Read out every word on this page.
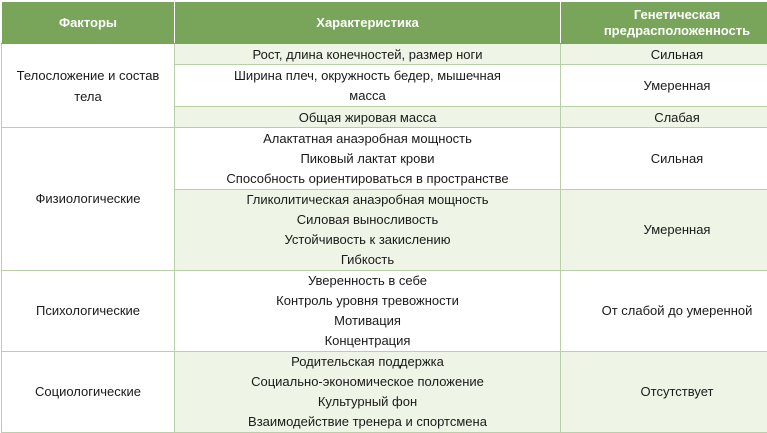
Факторы	Характеристика	Генетическая
предрасположенность

Телосложение и состав тела	Рост, длина конечностей, размер ноги	Сильная

	Ширина плеч, окружность бедер, мышечная
масса	Умеренная

	Общая жировая масса	Слабая
Физиологические	Алактатная анаэробная мощность
Пиковый лактат крови
Способность ориентироваться в пространстве	Сильная

	Гликолитическая анаэробная мощность
Силовая выносливость
Устойчивость к закислению
Гибкость	Умеренная
Психологические	Уверенность в себе
Контроль уровня тревожности
Мотивация
Концентрация	От слабой до умеренной
Социологические	Родительская поддержка
Социально-экономическое положение
Культурный фон
Взаимодействие тренера и спортсмена	Отсутствует
